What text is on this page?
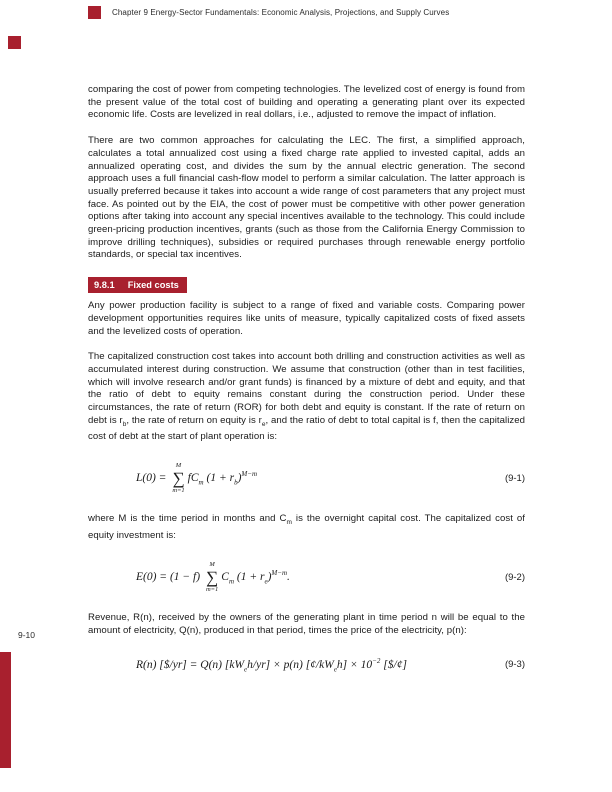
Chapter 9 Energy-Sector Fundamentals: Economic Analysis, Projections, and Supply Curves

comparing the cost of power from competing technologies. The levelized cost of energy is found from the present value of the total cost of building and operating a generating plant over its expected economic life. Costs are levelized in real dollars, i.e., adjusted to remove the impact of inflation.

There are two common approaches for calculating the LEC. The first, a simplified approach, calculates a total annualized cost using a fixed charge rate applied to invested capital, adds an annualized operating cost, and divides the sum by the annual electric generation. The second approach uses a full financial cash-flow model to perform a similar calculation. The latter approach is usually preferred because it takes into account a wide range of cost parameters that any project must face. As pointed out by the EIA, the cost of power must be competitive with other power generation options after taking into account any special incentives available to the technology. This could include green-pricing production incentives, grants (such as those from the California Energy Commission to improve drilling techniques), subsidies or required purchases through renewable energy portfolio standards, or special tax incentives.

9.8.1 Fixed costs

Any power production facility is subject to a range of fixed and variable costs. Comparing power development opportunities requires like units of measure, typically capitalized costs of fixed assets and the levelized costs of operation.

The capitalized construction cost takes into account both drilling and construction activities as well as accumulated interest during construction. We assume that construction (other than in test facilities, which will involve research and/or grant funds) is financed by a mixture of debt and equity, and that the ratio of debt to equity remains constant during the construction period. Under these circumstances, the rate of return (ROR) for both debt and equity is constant. If the rate of return on debt is $r_b$, the rate of return on equity is $r_e$, and the ratio of debt to total capital is f, then the capitalized cost of debt at the start of plant operation is:

L(0) =
M
∑
m=1
$fC_m$ $(1 + r_b)^{M-m}$	(9-1)

where M is the time period in months and $C_m$ is the overnight capital cost. The capitalized cost of equity investment is:

E(0) = (1 − f)
M
∑
m=1
$C_m$ $(1 + r_e)^{M-m}$.	(9-2)

Revenue, R(n), received by the owners of the generating plant in time period n will be equal to the amount of electricity, Q(n), produced in that period, times the price of the electricity, p(n):

R(n) [$/yr] = Q(n) $[kW_eh/yr] \times p(n)$ $[¢/kW_eh] \times 10^{-2}$ [$/¢]	(9-3)
9-10
